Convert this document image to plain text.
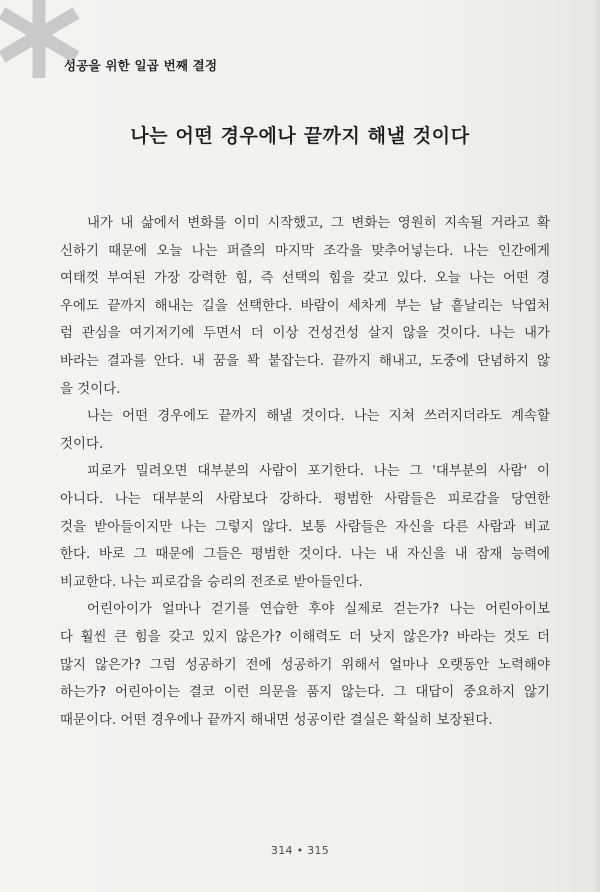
성공을 위한 일곱 번째 결정
나는 어떤 경우에나 끝까지 해낼 것이다
내가 내 삶에서 변화를 이미 시작했고, 그 변화는 영원히 지속될 거라고 확
신하기 때문에 오늘 나는 퍼즐의 마지막 조각을 맞추어넣는다. 나는 인간에게
여태껏 부여된 가장 강력한 힘, 즉 선택의 힘을 갖고 있다. 오늘 나는 어떤 경
우에도 끝까지 해내는 길을 선택한다. 바람이 세차게 부는 날 흩날리는 낙엽처
럼 관심을 여기저기에 두면서 더 이상 건성건성 살지 않을 것이다. 나는 내가
바라는 결과를 안다. 내 꿈을 꽉 붙잡는다. 끝까지 해내고, 도중에 단념하지 않
을 것이다.
나는 어떤 경우에도 끝까지 해낼 것이다. 나는 지쳐 쓰러지더라도 계속할
것이다.
피로가 밀려오면 대부분의 사람이 포기한다. 나는 그 '대부분의 사람' 이
아니다. 나는 대부분의 사람보다 강하다. 평범한 사람들은 피로감을 당연한
것을 받아들이지만 나는 그렇지 않다. 보통 사람들은 자신을 다른 사람과 비교
한다. 바로 그 때문에 그들은 평범한 것이다. 나는 내 자신을 내 잠재 능력에
비교한다. 나는 피로감을 승리의 전조로 받아들인다.
어린아이가 얼마나 걷기를 연습한 후야 실제로 걷는가? 나는 어린아이보
다 훨씬 큰 힘을 갖고 있지 않은가? 이해력도 더 낫지 않은가? 바라는 것도 더
많지 않은가? 그럼 성공하기 전에 성공하기 위해서 얼마나 오랫동안 노력해야
하는가? 어린아이는 결코 이런 의문을 품지 않는다. 그 대답이 중요하지 않기
때문이다. 어떤 경우에나 끝까지 해내면 성공이란 결실은 확실히 보장된다.
314 • 315
